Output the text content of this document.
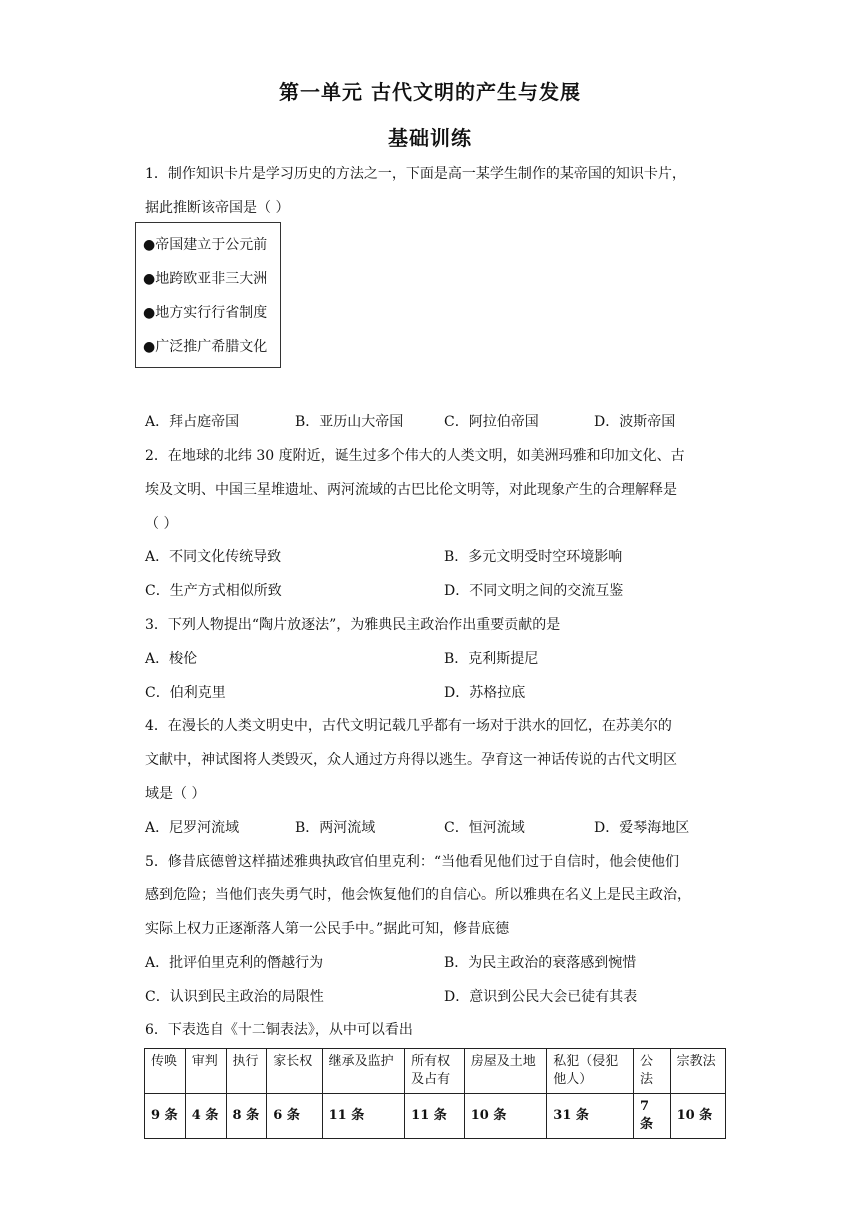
第一单元 古代文明的产生与发展
基础训练
1．制作知识卡片是学习历史的方法之一，下面是高一某学生制作的某帝国的知识卡片，
据此推断该帝国是（ ）
●帝国建立于公元前
●地跨欧亚非三大洲
●地方实行行省制度
●广泛推广希腊文化
A．拜占庭帝国	B．亚历山大帝国	C．阿拉伯帝国	D．波斯帝国
2．在地球的北纬 30 度附近，诞生过多个伟大的人类文明，如美洲玛雅和印加文化、古
埃及文明、中国三星堆遗址、两河流域的古巴比伦文明等，对此现象产生的合理解释是
（ ）
A．不同文化传统导致	B．多元文明受时空环境影响
C．生产方式相似所致	D．不同文明之间的交流互鉴
3．下列人物提出“陶片放逐法”，为雅典民主政治作出重要贡献的是
A．梭伦	B．克利斯提尼
C．伯利克里	D．苏格拉底
4．在漫长的人类文明史中，古代文明记载几乎都有一场对于洪水的回忆，在苏美尔的
文献中，神试图将人类毁灭，众人通过方舟得以逃生。孕育这一神话传说的古代文明区
域是（ ）
A．尼罗河流域	B．两河流域	C．恒河流域	D．爱琴海地区
5．修昔底德曾这样描述雅典执政官伯里克利：“当他看见他们过于自信时，他会使他们
感到危险；当他们丧失勇气时，他会恢复他们的自信心。所以雅典在名义上是民主政治，
实际上权力正逐渐落人第一公民手中。”据此可知，修昔底德
A．批评伯里克利的僭越行为	B．为民主政治的衰落感到惋惜
C．认识到民主政治的局限性	D．意识到公民大会已徒有其表
6．下表选自《十二铜表法》，从中可以看出
传唤	审判	执行	家长权	继承及监护	所有权及占有	房屋及土地	私犯（侵犯他人）	公法	宗教法
9 条	4 条	8 条	6 条	11 条	11 条	10 条	31 条	7 条	10 条
